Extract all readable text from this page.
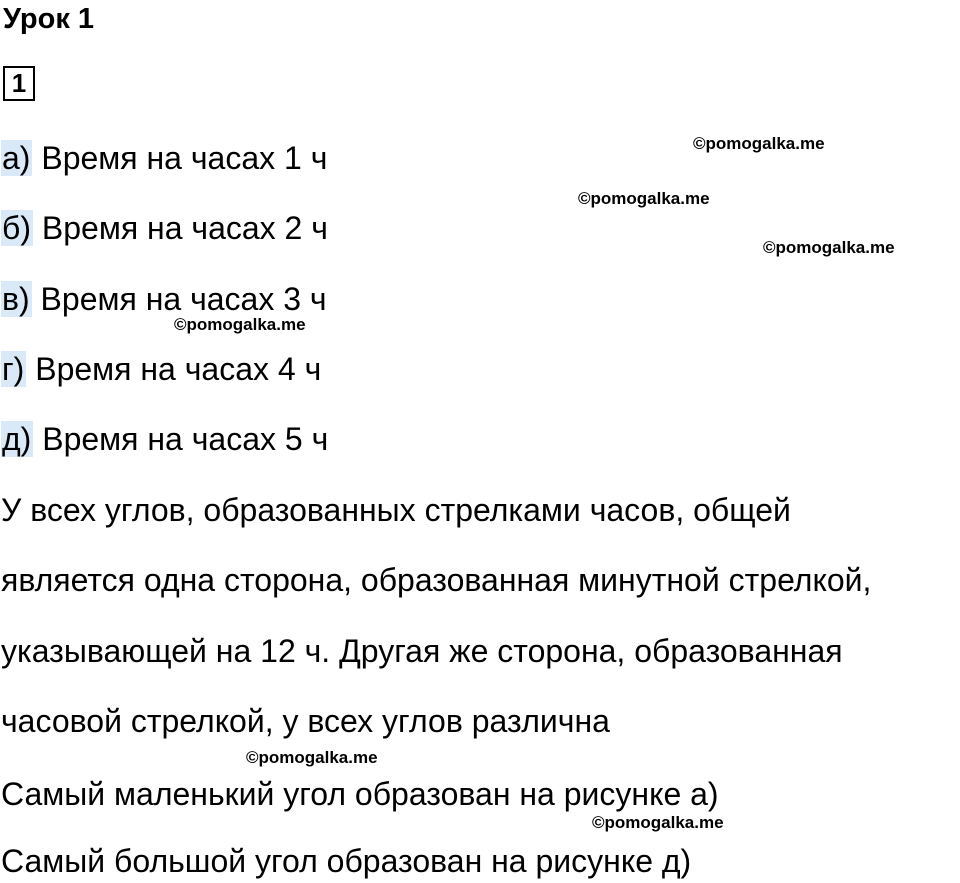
Урок 1
1
а) Время на часах 1 ч
б) Время на часах 2 ч
в) Время на часах 3 ч
г) Время на часах 4 ч
д) Время на часах 5 ч
У всех углов, образованных стрелками часов, общей
является одна сторона, образованная минутной стрелкой,
указывающей на 12 ч. Другая же сторона, образованная
часовой стрелкой, у всех углов различна
Самый маленький угол образован на рисунке а)
Самый большой угол образован на рисунке д)
©pomogalka.me
©pomogalka.me
©pomogalka.me
©pomogalka.me
©pomogalka.me
©pomogalka.me
